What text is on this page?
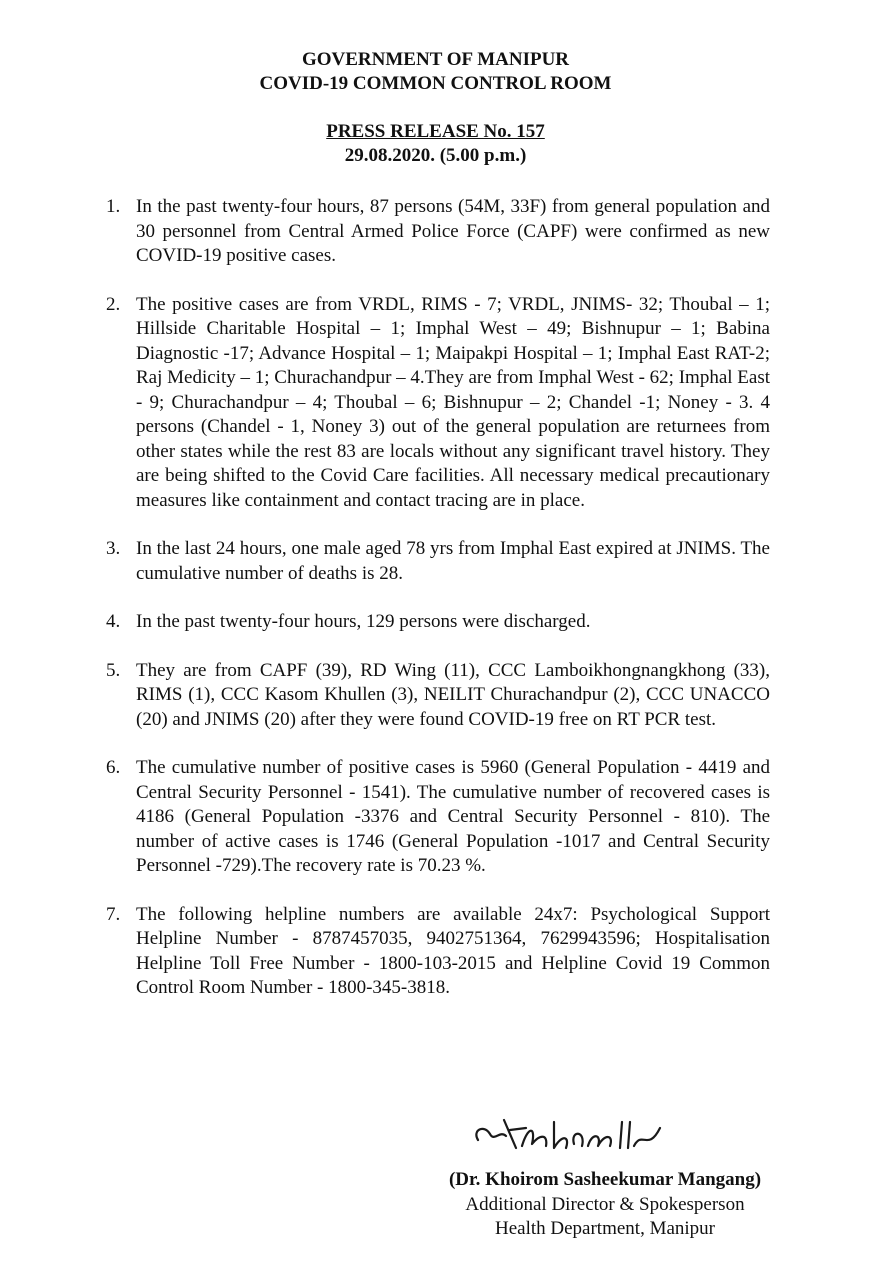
GOVERNMENT OF MANIPUR
COVID-19 COMMON CONTROL ROOM
PRESS RELEASE No. 157
29.08.2020. (5.00 p.m.)
1. In the past twenty-four hours, 87 persons (54M, 33F) from general population and 30 personnel from Central Armed Police Force (CAPF) were confirmed as new COVID-19 positive cases.
2. The positive cases are from VRDL, RIMS - 7; VRDL, JNIMS- 32; Thoubal – 1; Hillside Charitable Hospital – 1; Imphal West – 49; Bishnupur – 1; Babina Diagnostic -17; Advance Hospital – 1; Maipakpi Hospital – 1; Imphal East RAT-2; Raj Medicity – 1; Churachandpur – 4.They are from Imphal West - 62; Imphal East - 9; Churachandpur – 4; Thoubal – 6; Bishnupur – 2; Chandel -1; Noney - 3. 4 persons (Chandel - 1, Noney 3) out of the general population are returnees from other states while the rest 83 are locals without any significant travel history. They are being shifted to the Covid Care facilities. All necessary medical precautionary measures like containment and contact tracing are in place.
3. In the last 24 hours, one male aged 78 yrs from Imphal East expired at JNIMS. The cumulative number of deaths is 28.
4. In the past twenty-four hours, 129 persons were discharged.
5. They are from CAPF (39), RD Wing (11), CCC Lamboikhongnangkhong (33), RIMS (1), CCC Kasom Khullen (3), NEILIT Churachandpur (2), CCC UNACCO (20) and JNIMS (20) after they were found COVID-19 free on RT PCR test.
6. The cumulative number of positive cases is 5960 (General Population - 4419 and Central Security Personnel - 1541). The cumulative number of recovered cases is 4186 (General Population -3376 and Central Security Personnel - 810). The number of active cases is 1746 (General Population -1017 and Central Security Personnel -729).The recovery rate is 70.23 %.
7. The following helpline numbers are available 24x7: Psychological Support Helpline Number - 8787457035, 9402751364, 7629943596; Hospitalisation Helpline Toll Free Number - 1800-103-2015 and Helpline Covid 19 Common Control Room Number - 1800-345-3818.
(Dr. Khoirom Sasheekumar Mangang)
Additional Director & Spokesperson
Health Department, Manipur
